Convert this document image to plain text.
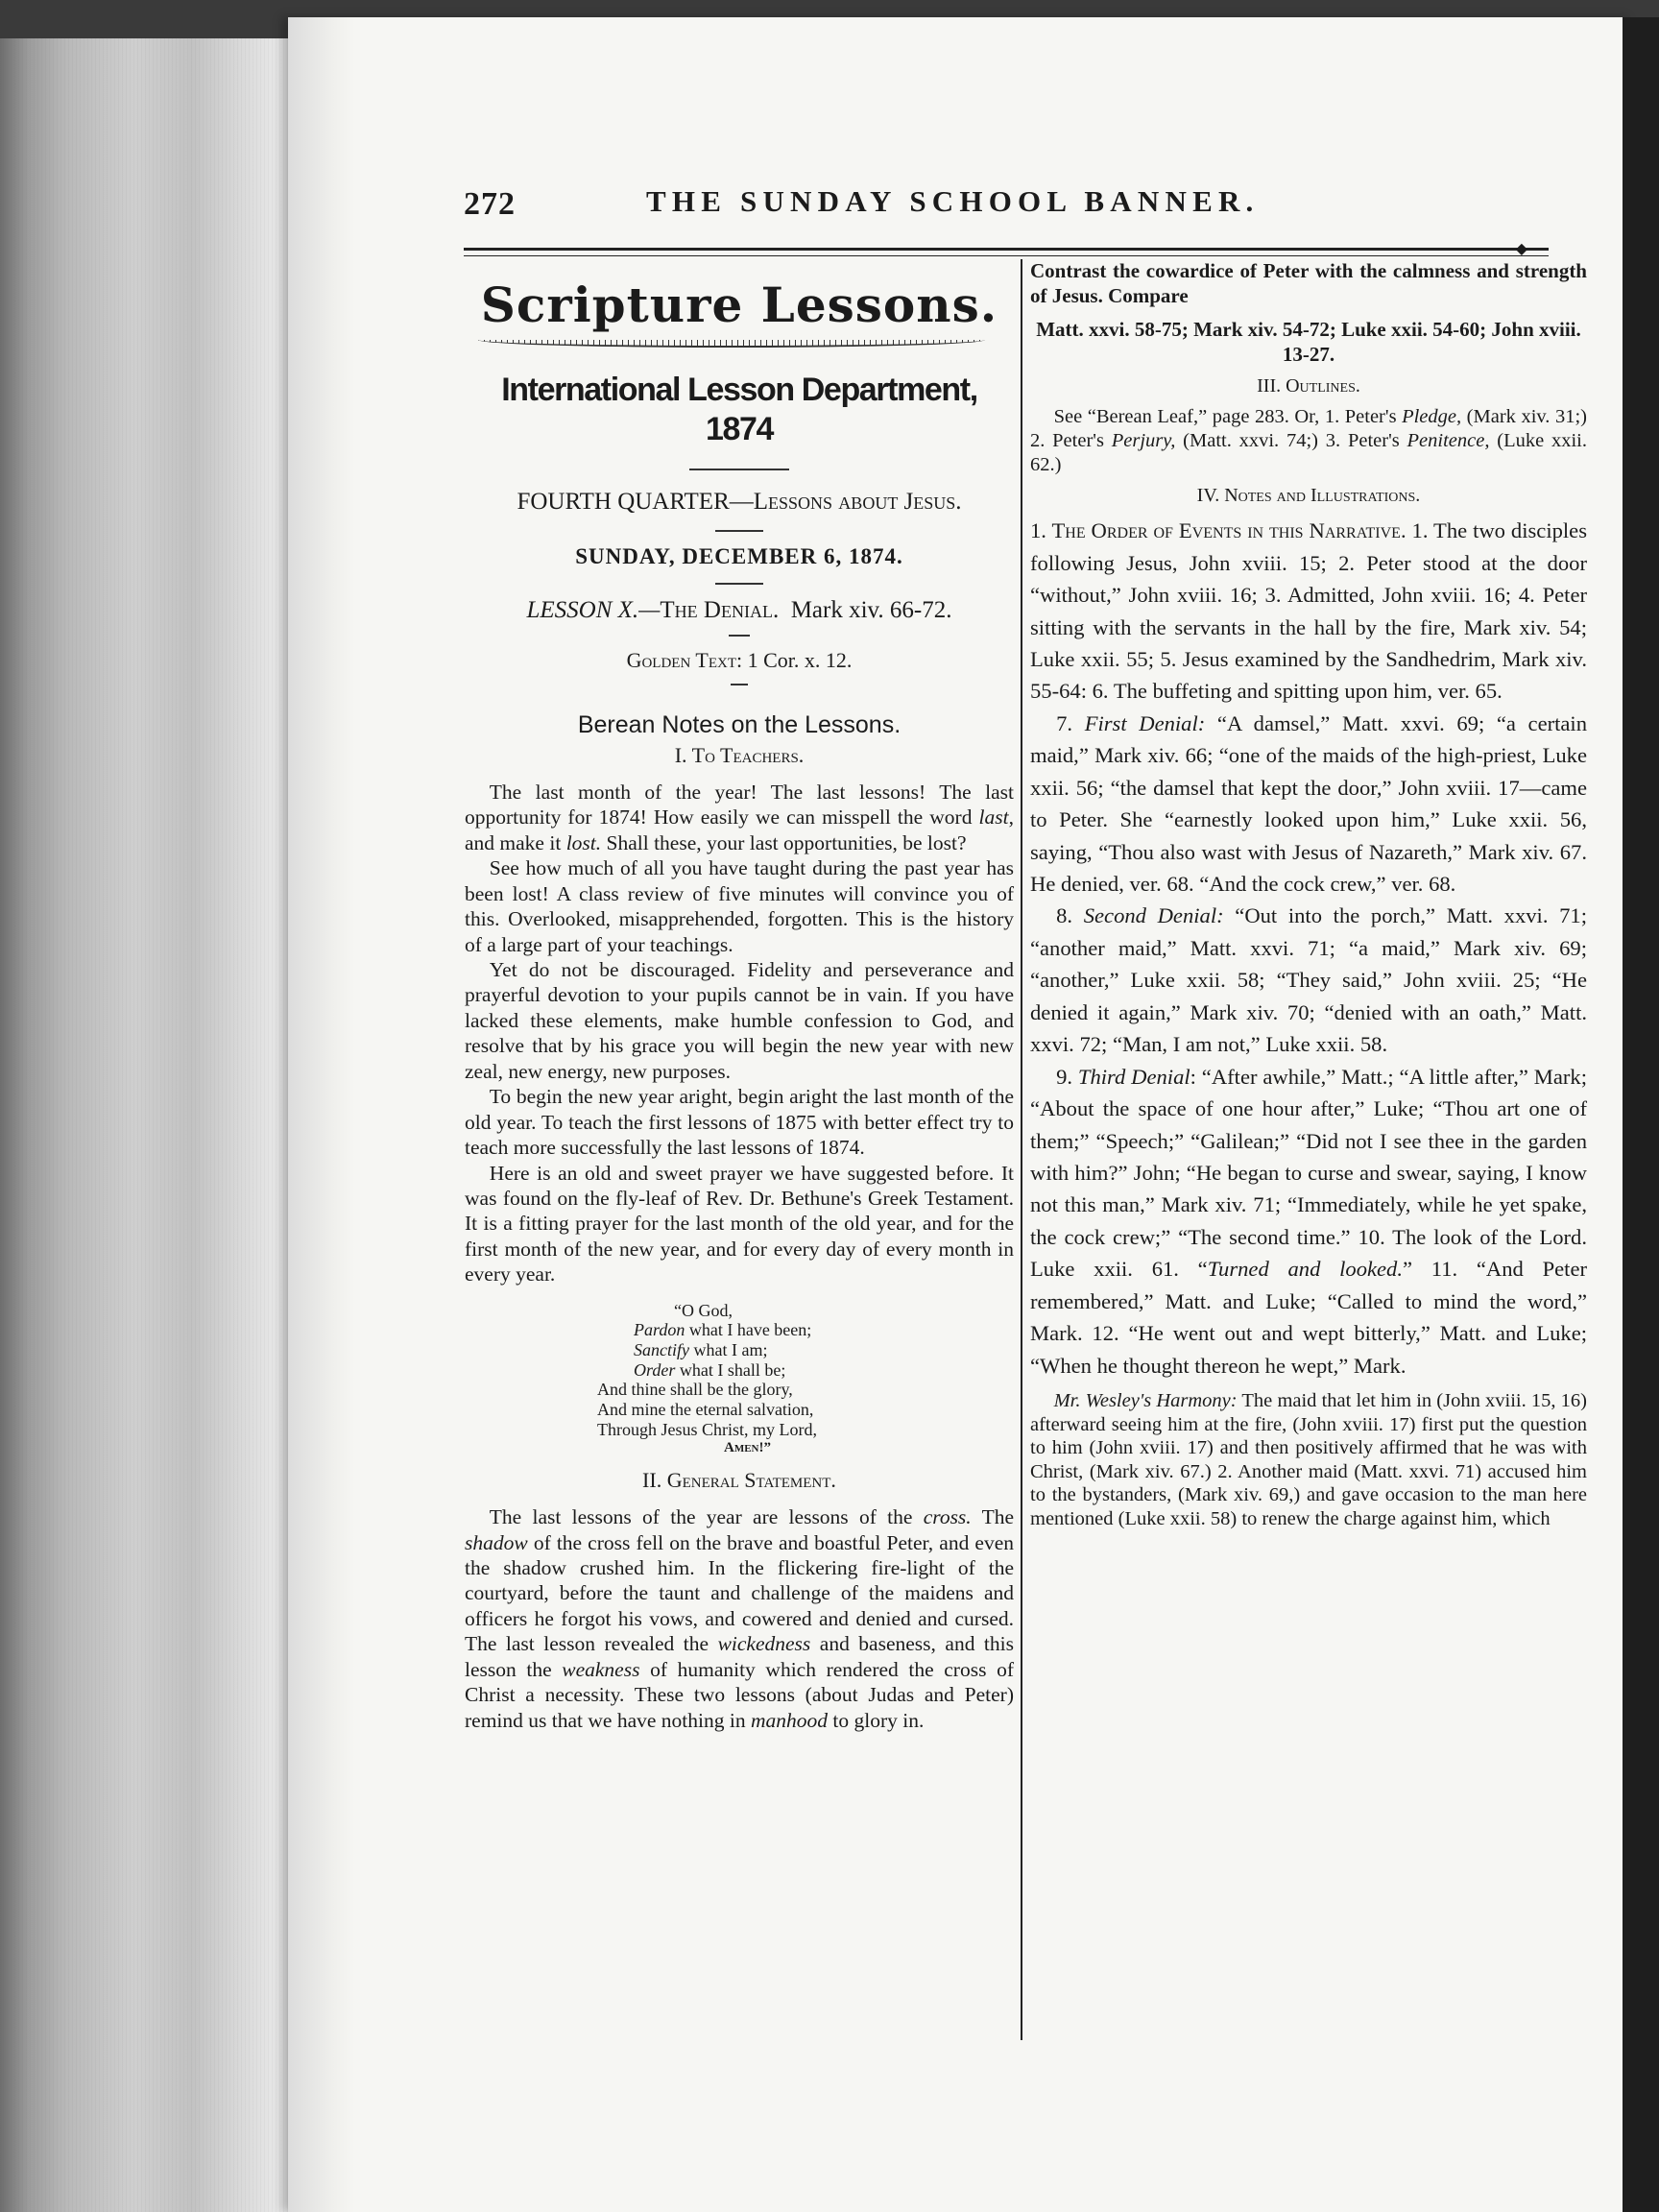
272	THE SUNDAY SCHOOL BANNER.
◆
Scripture Lessons.
International Lesson Department, 1874
FOURTH QUARTER—Lessons about Jesus.
SUNDAY, DECEMBER 6, 1874.
LESSON X.—The Denial. Mark xiv. 66-72.
Golden Text: 1 Cor. x. 12.
Berean Notes on the Lessons.
I. To Teachers.

The last month of the year! The last lessons! The last opportunity for 1874! How easily we can misspell the word last, and make it lost. Shall these, your last opportunities, be lost?

See how much of all you have taught during the past year has been lost! A class review of five minutes will convince you of this. Overlooked, misapprehended, forgotten. This is the history of a large part of your teachings.

Yet do not be discouraged. Fidelity and perseverance and prayerful devotion to your pupils cannot be in vain. If you have lacked these elements, make humble confession to God, and resolve that by his grace you will begin the new year with new zeal, new energy, new purposes.

To begin the new year aright, begin aright the last month of the old year. To teach the first lessons of 1875 with better effect try to teach more successfully the last lessons of 1874.

Here is an old and sweet prayer we have suggested before. It was found on the fly-leaf of Rev. Dr. Bethune's Greek Testament. It is a fitting prayer for the last month of the old year, and for the first month of the new year, and for every day of every month in every year.

“O God,
Pardon what I have been;
Sanctify what I am;
Order what I shall be;
And thine shall be the glory,
And mine the eternal salvation,
Through Jesus Christ, my Lord,
Amen!”
II. General Statement.

The last lessons of the year are lessons of the cross. The shadow of the cross fell on the brave and boastful Peter, and even the shadow crushed him. In the flickering fire-light of the courtyard, before the taunt and challenge of the maidens and officers he forgot his vows, and cowered and denied and cursed. The last lesson revealed the wickedness and baseness, and this lesson the weakness of humanity which rendered the cross of Christ a necessity. These two lessons (about Judas and Peter) remind us that we have nothing in manhood to glory in.

Contrast the cowardice of Peter with the calmness and strength of Jesus. Compare

Matt. xxvi. 58-75; Mark xiv. 54-72; Luke xxii. 54-60; John xviii. 13-27.

III. Outlines.

See “Berean Leaf,” page 283. Or, 1. Peter's Pledge, (Mark xiv. 31;) 2. Peter's Perjury, (Matt. xxvi. 74;) 3. Peter's Penitence, (Luke xxii. 62.)

IV. Notes and Illustrations.

1. The Order of Events in this Narrative. 1. The two disciples following Jesus, John xviii. 15; 2. Peter stood at the door “without,” John xviii. 16; 3. Admitted, John xviii. 16; 4. Peter sitting with the servants in the hall by the fire, Mark xiv. 54; Luke xxii. 55; 5. Jesus examined by the Sandhedrim, Mark xiv. 55-64: 6. The buffeting and spitting upon him, ver. 65.

7. First Denial: “A damsel,” Matt. xxvi. 69; “a certain maid,” Mark xiv. 66; “one of the maids of the high-priest, Luke xxii. 56; “the damsel that kept the door,” John xviii. 17—came to Peter. She “earnestly looked upon him,” Luke xxii. 56, saying, “Thou also wast with Jesus of Nazareth,” Mark xiv. 67. He denied, ver. 68. “And the cock crew,” ver. 68.

8. Second Denial: “Out into the porch,” Matt. xxvi. 71; “another maid,” Matt. xxvi. 71; “a maid,” Mark xiv. 69; “another,” Luke xxii. 58; “They said,” John xviii. 25; “He denied it again,” Mark xiv. 70; “denied with an oath,” Matt. xxvi. 72; “Man, I am not,” Luke xxii. 58.

9. Third Denial: “After awhile,” Matt.; “A little after,” Mark; “About the space of one hour after,” Luke; “Thou art one of them;” “Speech;” “Galilean;” “Did not I see thee in the garden with him?” John; “He began to curse and swear, saying, I know not this man,” Mark xiv. 71; “Immediately, while he yet spake, the cock crew;” “The second time.” 10. The look of the Lord. Luke xxii. 61. “Turned and looked.” 11. “And Peter remembered,” Matt. and Luke; “Called to mind the word,” Mark. 12. “He went out and wept bitterly,” Matt. and Luke; “When he thought thereon he wept,” Mark.

Mr. Wesley's Harmony: The maid that let him in (John xviii. 15, 16) afterward seeing him at the fire, (John xviii. 17) first put the question to him (John xviii. 17) and then positively affirmed that he was with Christ, (Mark xiv. 67.) 2. Another maid (Matt. xxvi. 71) accused him to the bystanders, (Mark xiv. 69,) and gave occasion to the man here mentioned (Luke xxii. 58) to renew the charge against him, which
